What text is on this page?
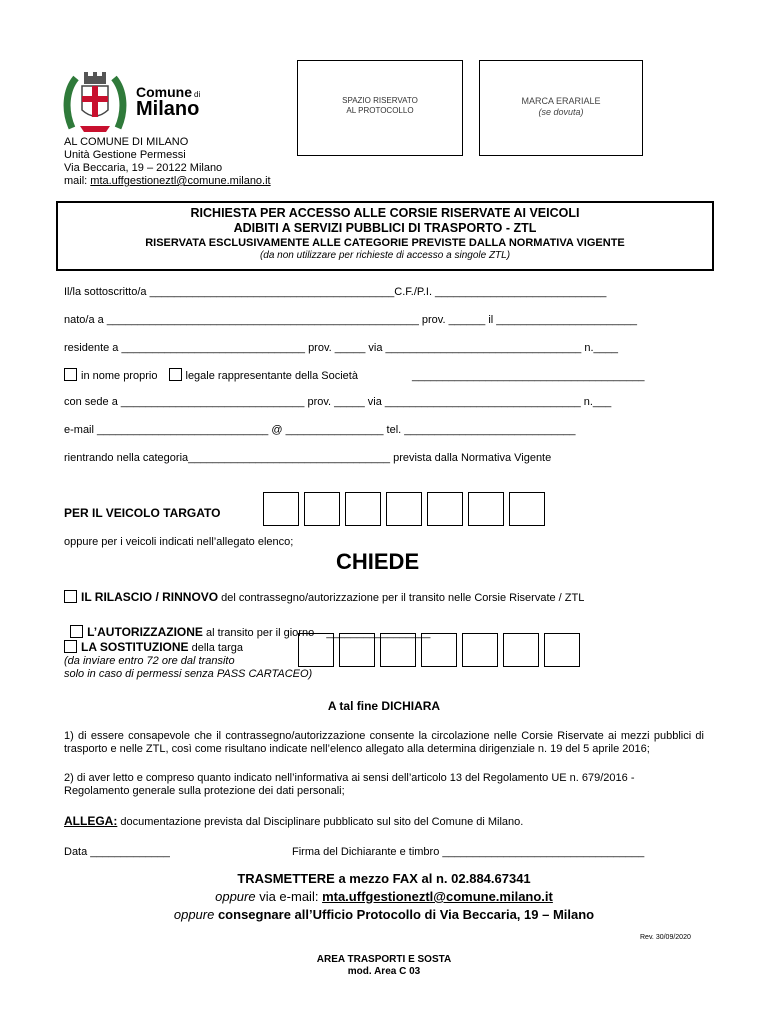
Comune di
Milano
AL COMUNE DI MILANO
Unità Gestione Permessi
Via Beccaria, 19 – 20122 Milano
mail: mta.uffgestioneztl@comune.milano.it
SPAZIO RISERVATO
AL PROTOCOLLO
MARCA ERARIALE
(se dovuta)
RICHIESTA PER ACCESSO ALLE CORSIE RISERVATE AI VEICOLI
ADIBITI A SERVIZI PUBBLICI DI TRASPORTO - ZTL
RISERVATA ESCLUSIVAMENTE ALLE CATEGORIE PREVISTE DALLA NORMATIVA VIGENTE
(da non utilizzare per richieste di accesso a singole ZTL)
Il/la sottoscritto/a ________________________________________C.F./P.I. ____________________________
nato/a a ___________________________________________________ prov. ______ il _______________________
residente a ______________________________ prov. _____ via ________________________________ n.____
in nome proprio	legale rappresentante della Società	______________________________________
con sede a ______________________________ prov. _____ via ________________________________ n.___
e-mail ____________________________ @ ________________ tel. ____________________________
rientrando nella categoria_________________________________ prevista dalla Normativa Vigente
PER IL VEICOLO TARGATO
oppure per i veicoli indicati nell’allegato elenco;
CHIEDE
IL RILASCIO / RINNOVO del contrassegno/autorizzazione per il transito nelle Corsie Riservate / ZTL

L’AUTORIZZAZIONE al transito per il giorno    _________________

LA SOSTITUZIONE della targa
(da inviare entro 72 ore dal transito
solo in caso di permessi senza PASS CARTACEO)
A tal fine DICHIARA
1) di essere consapevole che il contrassegno/autorizzazione consente la circolazione nelle Corsie Riservate ai mezzi pubblici di trasporto e nelle ZTL, così come risultano indicate nell’elenco allegato alla determina dirigenziale n. 19 del 5 aprile 2016;
2) di aver letto e compreso quanto indicato nell’informativa ai sensi dell’articolo 13 del Regolamento UE n. 679/2016 - Regolamento generale sulla protezione dei dati personali;
ALLEGA: documentazione prevista dal Disciplinare pubblicato sul sito del Comune di Milano.
Data _____________	Firma del Dichiarante e timbro _________________________________
TRASMETTERE a mezzo FAX al n. 02.884.67341
oppure via e-mail: mta.uffgestioneztl@comune.milano.it
oppure consegnare all’Ufficio Protocollo di Via Beccaria, 19 – Milano
Rev. 30/09/2020
AREA TRASPORTI E SOSTA
mod. Area C 03
